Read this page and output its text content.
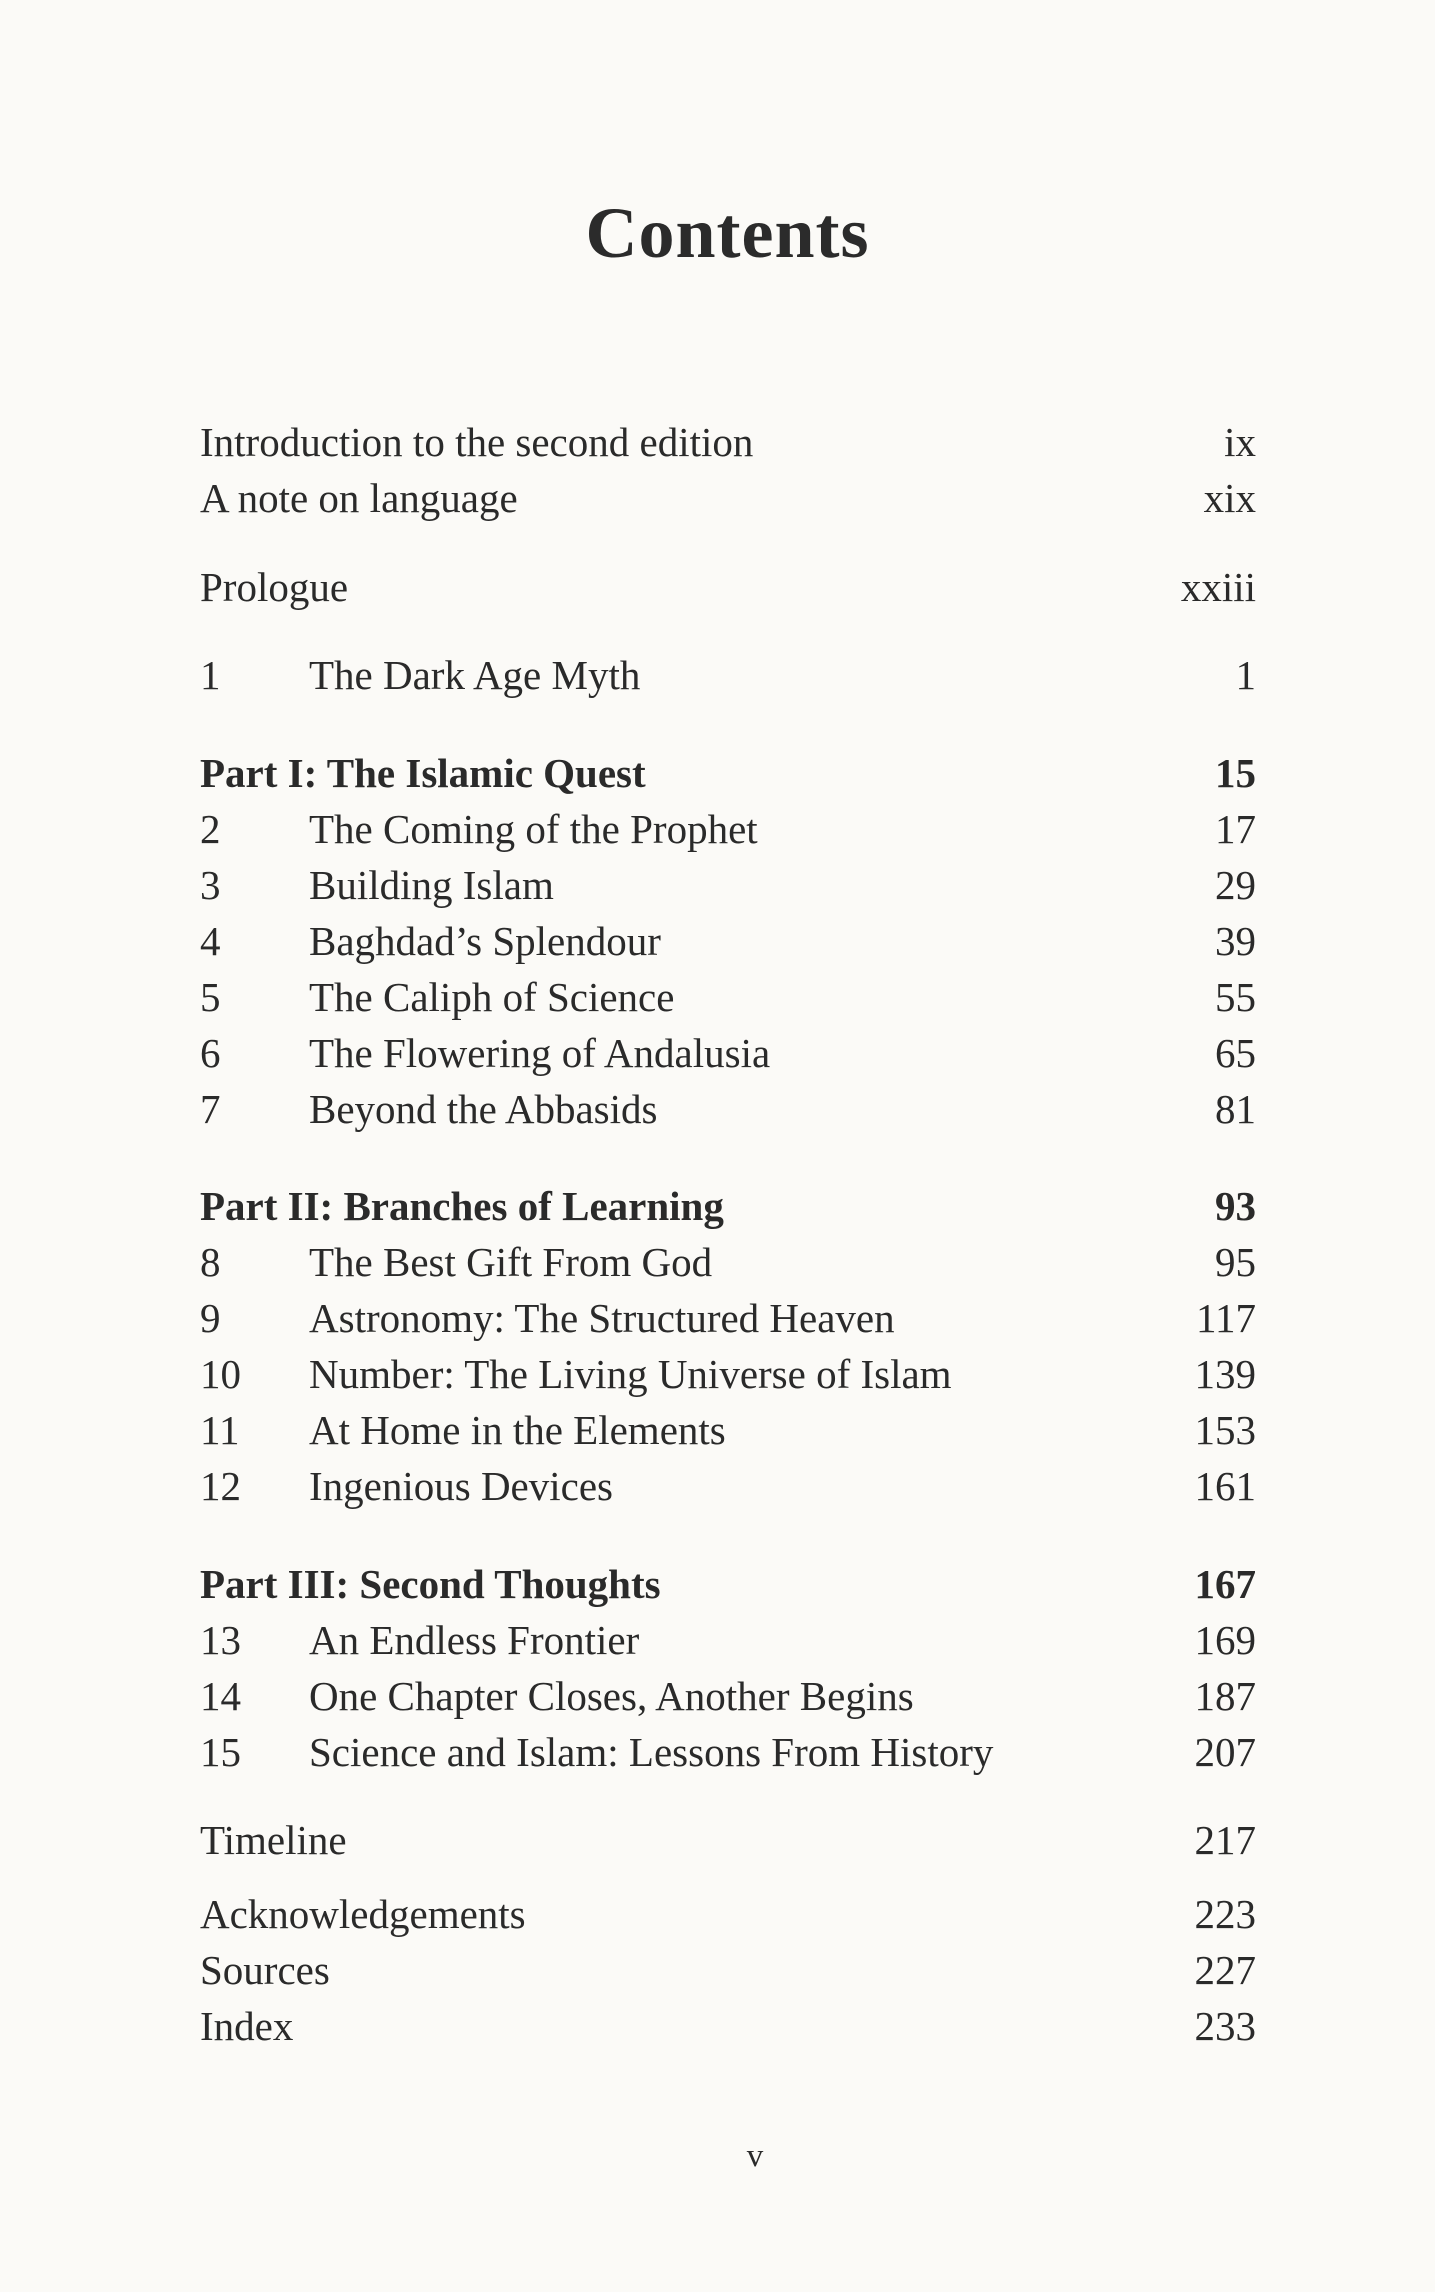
Contents
Introduction to the second edition	ix
A note on language	xix
Prologue	xxiii
1 The Dark Age Myth	1
Part I: The Islamic Quest	15
2 The Coming of the Prophet	17
3 Building Islam	29
4 Baghdad’s Splendour	39
5 The Caliph of Science	55
6 The Flowering of Andalusia	65
7 Beyond the Abbasids	81
Part II: Branches of Learning	93
8 The Best Gift From God	95
9 Astronomy: The Structured Heaven	117
10 Number: The Living Universe of Islam	139
11 At Home in the Elements	153
12 Ingenious Devices	161
Part III: Second Thoughts	167
13 An Endless Frontier	169
14 One Chapter Closes, Another Begins	187
15 Science and Islam: Lessons From History	207
Timeline	217
Acknowledgements	223
Sources	227
Index	233
v
